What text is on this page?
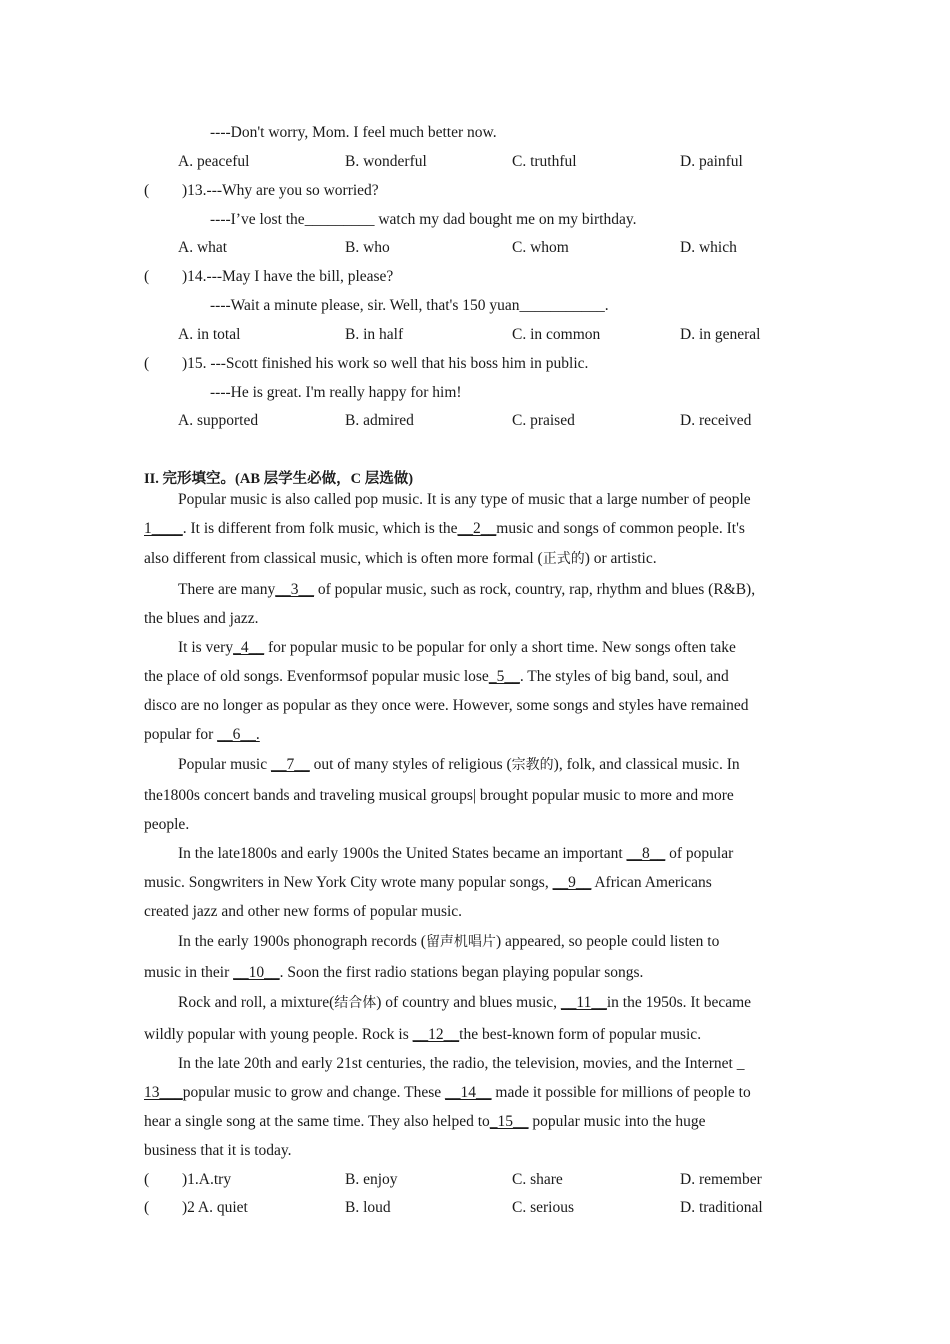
----Don't worry, Mom. I feel much better now.
A. peaceful	B. wonderful	C. truthful	D. painful
( )13.---Why are you so worried?
----I’ve lost the_________ watch my dad bought me on my birthday.
A. what	B. who	C. whom	D. which
( )14.---May I have the bill, please?
----Wait a minute please, sir. Well, that's 150 yuan___________.
A. in total	B. in half	C. in common	D. in general
( )15. ---Scott finished his work so well that his boss him in public.
----He is great. I'm really happy for him!
A. supported	B. admired	C. praised	D. received
II. 完形填空。(AB 层学生必做，C 层选做)
Popular music is also called pop music. It is any type of music that a large number of people
1____. It is different from folk music, which is the__2__music and songs of common people. It's
also different from classical music, which is often more formal (正式的) or artistic.
There are many__3__ of popular music, such as rock, country, rap, rhythm and blues (R&B),
the blues and jazz.
It is very_4__ for popular music to be popular for only a short time. New songs often take
the place of old songs. Evenformsof popular music lose_5__. The styles of big band, soul, and
disco are no longer as popular as they once were. However, some songs and styles have remained
popular for __6__.
Popular music __7__ out of many styles of religious (宗教的), folk, and classical music. In
the1800s concert bands and traveling musical groups| brought popular music to more and more
people.
In the late1800s and early 1900s the United States became an important __8__ of popular
music. Songwriters in New York City wrote many popular songs, __9__ African Americans
created jazz and other new forms of popular music.
In the early 1900s phonograph records (留声机唱片) appeared, so people could listen to
music in their __10__. Soon the first radio stations began playing popular songs.
Rock and roll, a mixture(结合体) of country and blues music, __11__in the 1950s. It became
wildly popular with young people. Rock is __12__the best-known form of popular music.
In the late 20th and early 21st centuries, the radio, the television, movies, and the Internet _
13___popular music to grow and change. These __14__ made it possible for millions of people to
hear a single song at the same time. They also helped to_15__ popular music into the huge
business that it is today.
( )1.A.try	B. enjoy	C. share	D. remember
( )2 A. quiet	B. loud	C. serious	D. traditional
